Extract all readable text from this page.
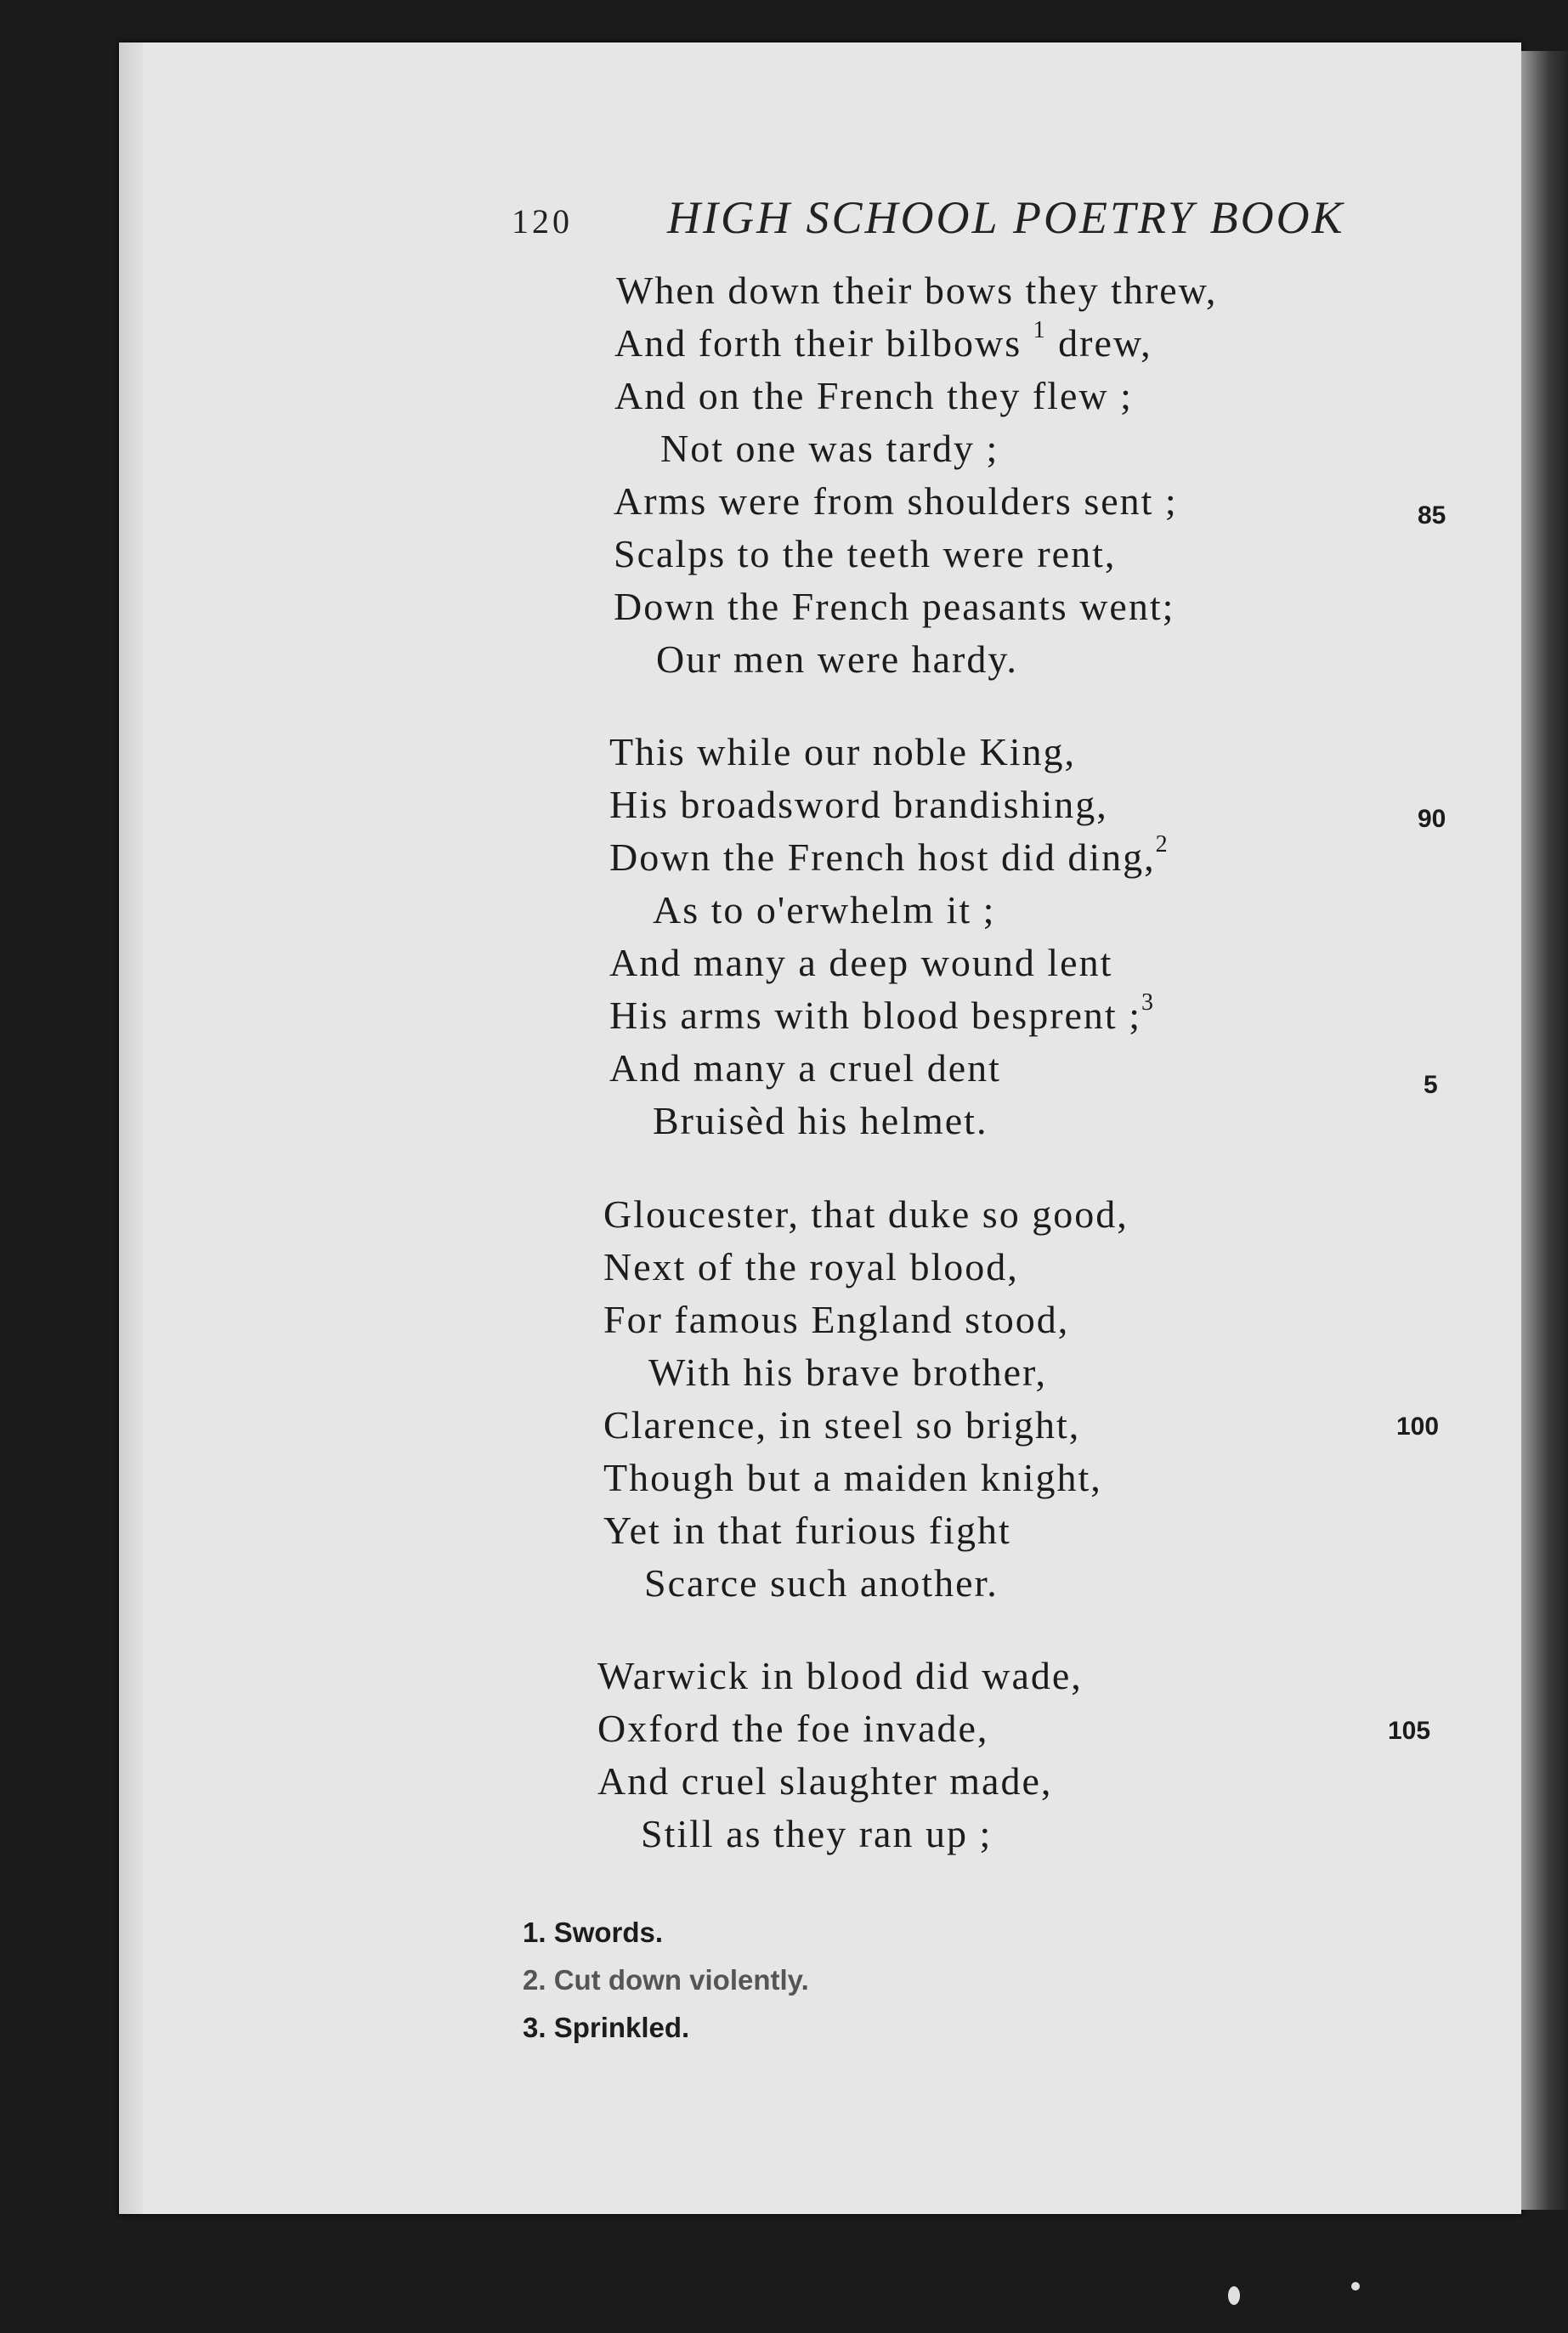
120 HIGH SCHOOL POETRY BOOK
When down their bows they threw,
And forth their bilbows $^1$ drew,
And on the French they flew ;
Not one was tardy ;
Arms were from shoulders sent ;
Scalps to the teeth were rent,
Down the French peasants went;
Our men were hardy.
This while our noble King,
His broadsword brandishing,
Down the French host did ding,$^2$
As to o'erwhelm it ;
And many a deep wound lent
His arms with blood besprent ;$^3$
And many a cruel dent
Bruisèd his helmet.
Gloucester, that duke so good,
Next of the royal blood,
For famous England stood,
With his brave brother,
Clarence, in steel so bright,
Though but a maiden knight,
Yet in that furious fight
Scarce such another.
Warwick in blood did wade,
Oxford the foe invade,
And cruel slaughter made,
Still as they ran up ;
85
90
5
100
105
1. Swords.
2. Cut down violently.
3. Sprinkled.
